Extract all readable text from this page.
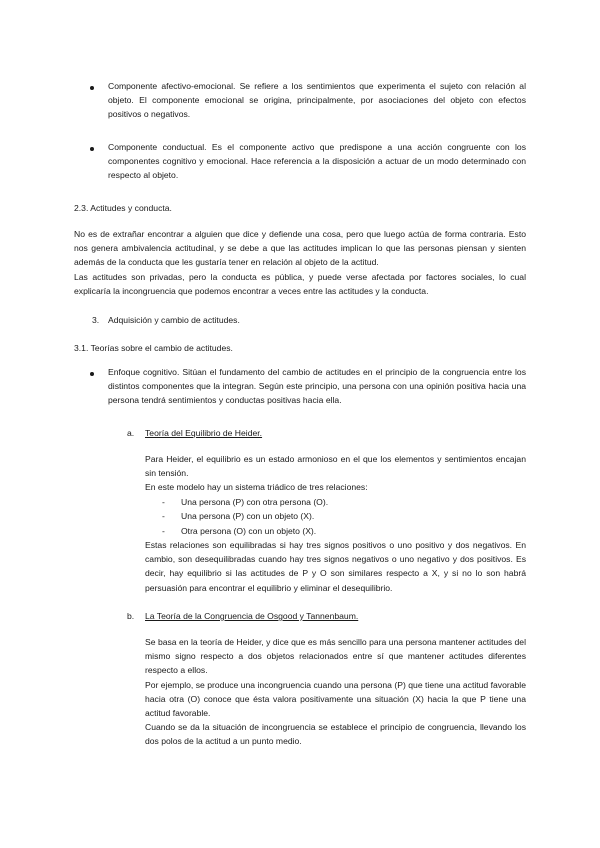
Componente afectivo-emocional. Se refiere a los sentimientos que experimenta el sujeto con relación al objeto. El componente emocional se origina, principalmente, por asociaciones del objeto con efectos positivos o negativos.

Componente conductual. Es el componente activo que predispone a una acción congruente con los componentes cognitivo y emocional. Hace referencia a la disposición a actuar de un modo determinado con respecto al objeto.

2.3. Actitudes y conducta.

No es de extrañar encontrar a alguien que dice y defiende una cosa, pero que luego actúa de forma contraria. Esto nos genera ambivalencia actitudinal, y se debe a que las actitudes implican lo que las personas piensan y sienten además de la conducta que les gustaría tener en relación al objeto de la actitud.

Las actitudes son privadas, pero la conducta es pública, y puede verse afectada por factores sociales, lo cual explicaría la incongruencia que podemos encontrar a veces entre las actitudes y la conducta.

3. Adquisición y cambio de actitudes.
3.1. Teorías sobre el cambio de actitudes.
Enfoque cognitivo. Sitúan el fundamento del cambio de actitudes en el principio de la congruencia entre los distintos componentes que la integran. Según este principio, una persona con una opinión positiva hacia una persona tendrá sentimientos y conductas positivas hacia ella.
a. Teoría del Equilibrio de Heider.

Para Heider, el equilibrio es un estado armonioso en el que los elementos y sentimientos encajan sin tensión.

En este modelo hay un sistema triádico de tres relaciones:

- Una persona (P) con otra persona (O).
- Una persona (P) con un objeto (X).
- Otra persona (O) con un objeto (X).
Estas relaciones son equilibradas si hay tres signos positivos o uno positivo y dos negativos. En cambio, son desequilibradas cuando hay tres signos negativos o uno negativo y dos positivos. Es decir, hay equilibrio si las actitudes de P y O son similares respecto a X, y si no lo son habrá persuasión para encontrar el equilibrio y eliminar el desequilibrio.
b. La Teoría de la Congruencia de Osgood y Tannenbaum.

Se basa en la teoría de Heider, y dice que es más sencillo para una persona mantener actitudes del mismo signo respecto a dos objetos relacionados entre sí que mantener actitudes diferentes respecto a ellos.

Por ejemplo, se produce una incongruencia cuando una persona (P) que tiene una actitud favorable hacia otra (O) conoce que ésta valora positivamente una situación (X) hacia la que P tiene una actitud favorable.

Cuando se da la situación de incongruencia se establece el principio de congruencia, llevando los dos polos de la actitud a un punto medio.
